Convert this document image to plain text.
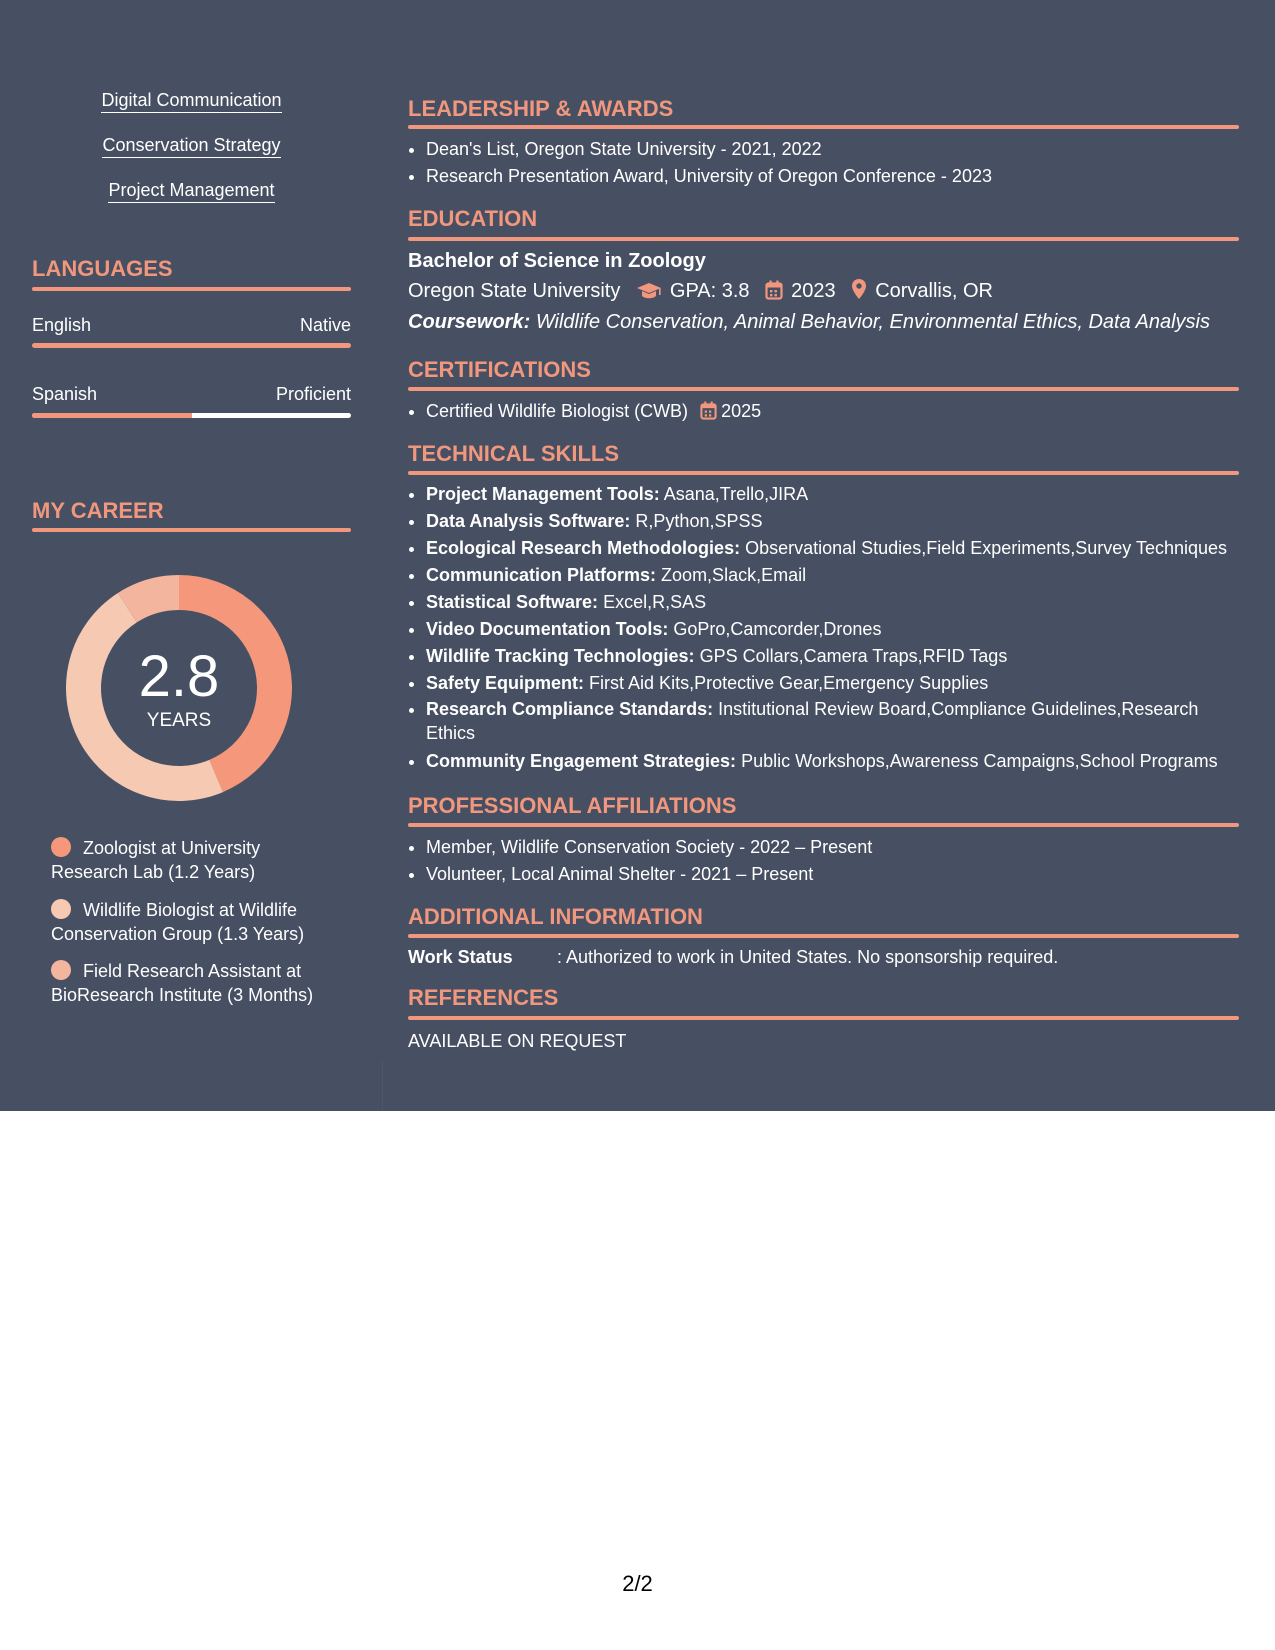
Digital Communication
Conservation Strategy
Project Management
LANGUAGES
English	Native
Spanish	Proficient
MY CAREER
2.8
YEARS
Zoologist at University
Research Lab (1.2 Years)
Wildlife Biologist at Wildlife
Conservation Group (1.3 Years)
Field Research Assistant at
BioResearch Institute (3 Months)
LEADERSHIP & AWARDS
• Dean's List, Oregon State University - 2021, 2022
• Research Presentation Award, University of Oregon Conference - 2023
EDUCATION
Bachelor of Science in Zoology
Oregon State University GPA: 3.8 2023 Corvallis, OR
Coursework: Wildlife Conservation, Animal Behavior, Environmental Ethics, Data Analysis
CERTIFICATIONS
• Certified Wildlife Biologist (CWB) 2025
TECHNICAL SKILLS
• Project Management Tools: Asana,Trello,JIRA
• Data Analysis Software: R,Python,SPSS
• Ecological Research Methodologies: Observational Studies,Field Experiments,Survey Techniques
• Communication Platforms: Zoom,Slack,Email
• Statistical Software: Excel,R,SAS
• Video Documentation Tools: GoPro,Camcorder,Drones
• Wildlife Tracking Technologies: GPS Collars,Camera Traps,RFID Tags
• Safety Equipment: First Aid Kits,Protective Gear,Emergency Supplies
• Research Compliance Standards: Institutional Review Board,Compliance Guidelines,Research Ethics
• Community Engagement Strategies: Public Workshops,Awareness Campaigns,School Programs
PROFESSIONAL AFFILIATIONS
• Member, Wildlife Conservation Society - 2022 – Present
• Volunteer, Local Animal Shelter - 2021 – Present
ADDITIONAL INFORMATION
Work Status : Authorized to work in United States. No sponsorship required.
REFERENCES
AVAILABLE ON REQUEST
2/2
